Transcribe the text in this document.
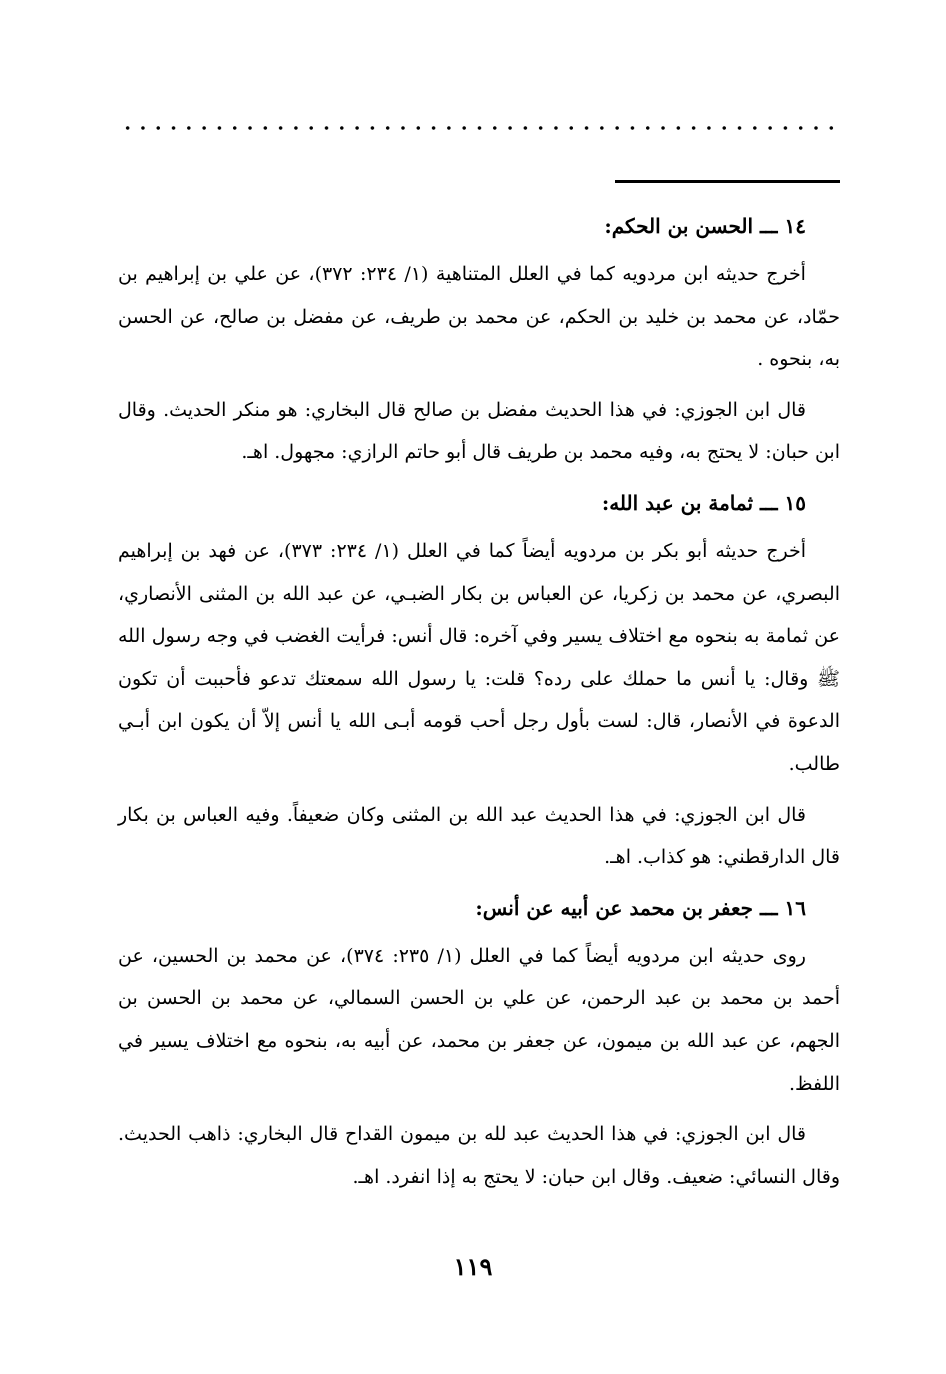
١٤ ـــ الحسن بن الحكم:

أخرج حديثه ابن مردويه كما في العلل المتناهية (١/ ٢٣٤: ٣٧٢)، عن علي بن إبراهيم بن حمّاد، عن محمد بن خليد بن الحكم، عن محمد بن طريف، عن مفضل بن صالح، عن الحسن به، بنحوه .

قال ابن الجوزي: في هذا الحديث مفضل بن صالح قال البخاري: هو منكر الحديث. وقال ابن حبان: لا يحتج به، وفيه محمد بن طريف قال أبو حاتم الرازي: مجهول. اهـ.

١٥ ـــ ثمامة بن عبد الله:

أخرج حديثه أبو بكر بن مردويه أيضاً كما في العلل (١/ ٢٣٤: ٣٧٣)، عن فهد بن إبراهيم البصري، عن محمد بن زكريا، عن العباس بن بكار الضبـي، عن عبد الله بن المثنى الأنصاري، عن ثمامة به بنحوه مع اختلاف يسير وفي آخره: قال أنس: فرأيت الغضب في وجه رسول الله ﷺ وقال: يا أنس ما حملك على رده؟ قلت: يا رسول الله سمعتك تدعو فأحببت أن تكون الدعوة في الأنصار، قال: لست بأول رجل أحب قومه أبـى الله يا أنس إلاّ أن يكون ابن أبـي طالب.

قال ابن الجوزي: في هذا الحديث عبد الله بن المثنى وكان ضعيفاً. وفيه العباس بن بكار قال الدارقطني: هو كذاب. اهـ.

١٦ ـــ جعفر بن محمد عن أبيه عن أنس:

روى حديثه ابن مردويه أيضاً كما في العلل (١/ ٢٣٥: ٣٧٤)، عن محمد بن الحسين، عن أحمد بن محمد بن عبد الرحمن، عن علي بن الحسن السمالي، عن محمد بن الحسن بن الجهم، عن عبد الله بن ميمون، عن جعفر بن محمد، عن أبيه به، بنحوه مع اختلاف يسير في اللفظ.

قال ابن الجوزي: في هذا الحديث عبد لله بن ميمون القداح قال البخاري: ذاهب الحديث. وقال النسائي: ضعيف. وقال ابن حبان: لا يحتج به إذا انفرد. اهـ.

١١٩
